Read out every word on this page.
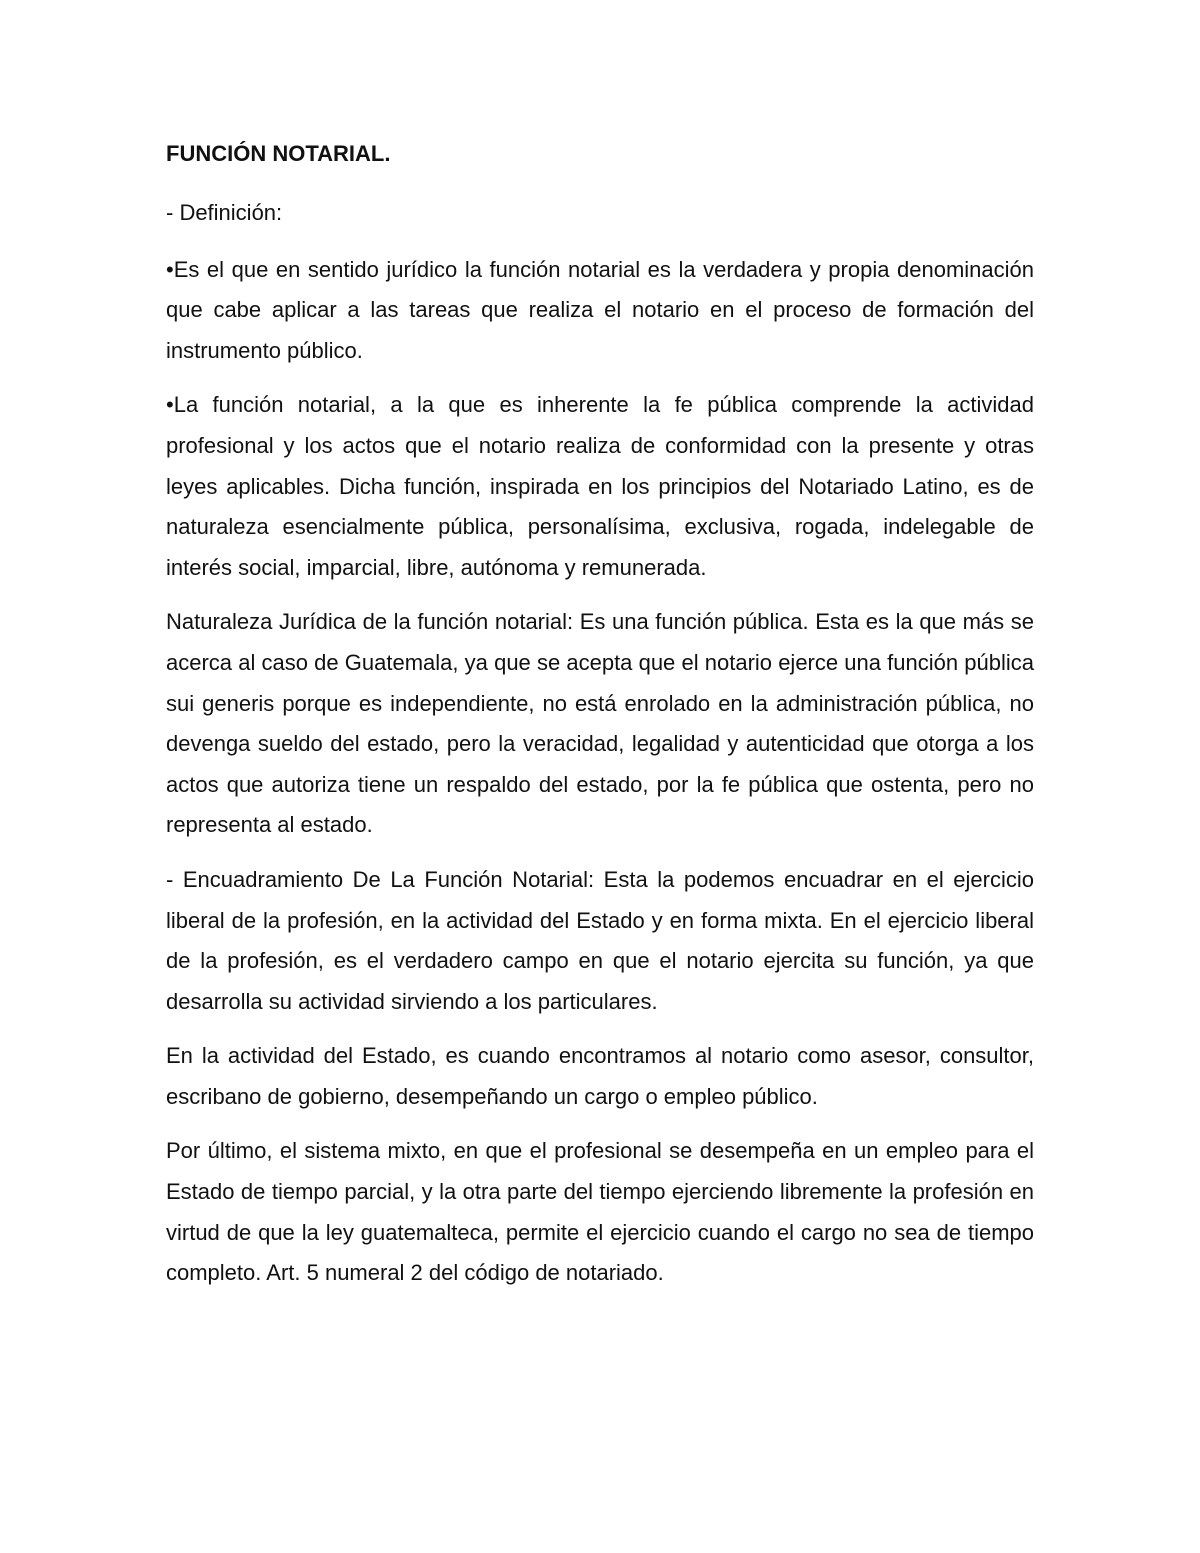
FUNCIÓN NOTARIAL.

- Definición:

•Es el que en sentido jurídico la función notarial es la verdadera y propia denominación que cabe aplicar a las tareas que realiza el notario en el proceso de formación del instrumento público.

•La función notarial, a la que es inherente la fe pública comprende la actividad profesional y los actos que el notario realiza de conformidad con la presente y otras leyes aplicables. Dicha función, inspirada en los principios del Notariado Latino, es de naturaleza esencialmente pública, personalísima, exclusiva, rogada, indelegable de interés social, imparcial, libre, autónoma y remunerada.

Naturaleza Jurídica de la función notarial: Es una función pública. Esta es la que más se acerca al caso de Guatemala, ya que se acepta que el notario ejerce una función pública sui generis porque es independiente, no está enrolado en la administración pública, no devenga sueldo del estado, pero la veracidad, legalidad y autenticidad que otorga a los actos que autoriza tiene un respaldo del estado, por la fe pública que ostenta, pero no representa al estado.

- Encuadramiento De La Función Notarial: Esta la podemos encuadrar en el ejercicio liberal de la profesión, en la actividad del Estado y en forma mixta. En el ejercicio liberal de la profesión, es el verdadero campo en que el notario ejercita su función, ya que desarrolla su actividad sirviendo a los particulares.

En la actividad del Estado, es cuando encontramos al notario como asesor, consultor, escribano de gobierno, desempeñando un cargo o empleo público.

Por último, el sistema mixto, en que el profesional se desempeña en un empleo para el Estado de tiempo parcial, y la otra parte del tiempo ejerciendo libremente la profesión en virtud de que la ley guatemalteca, permite el ejercicio cuando el cargo no sea de tiempo completo. Art. 5 numeral 2 del código de notariado.
